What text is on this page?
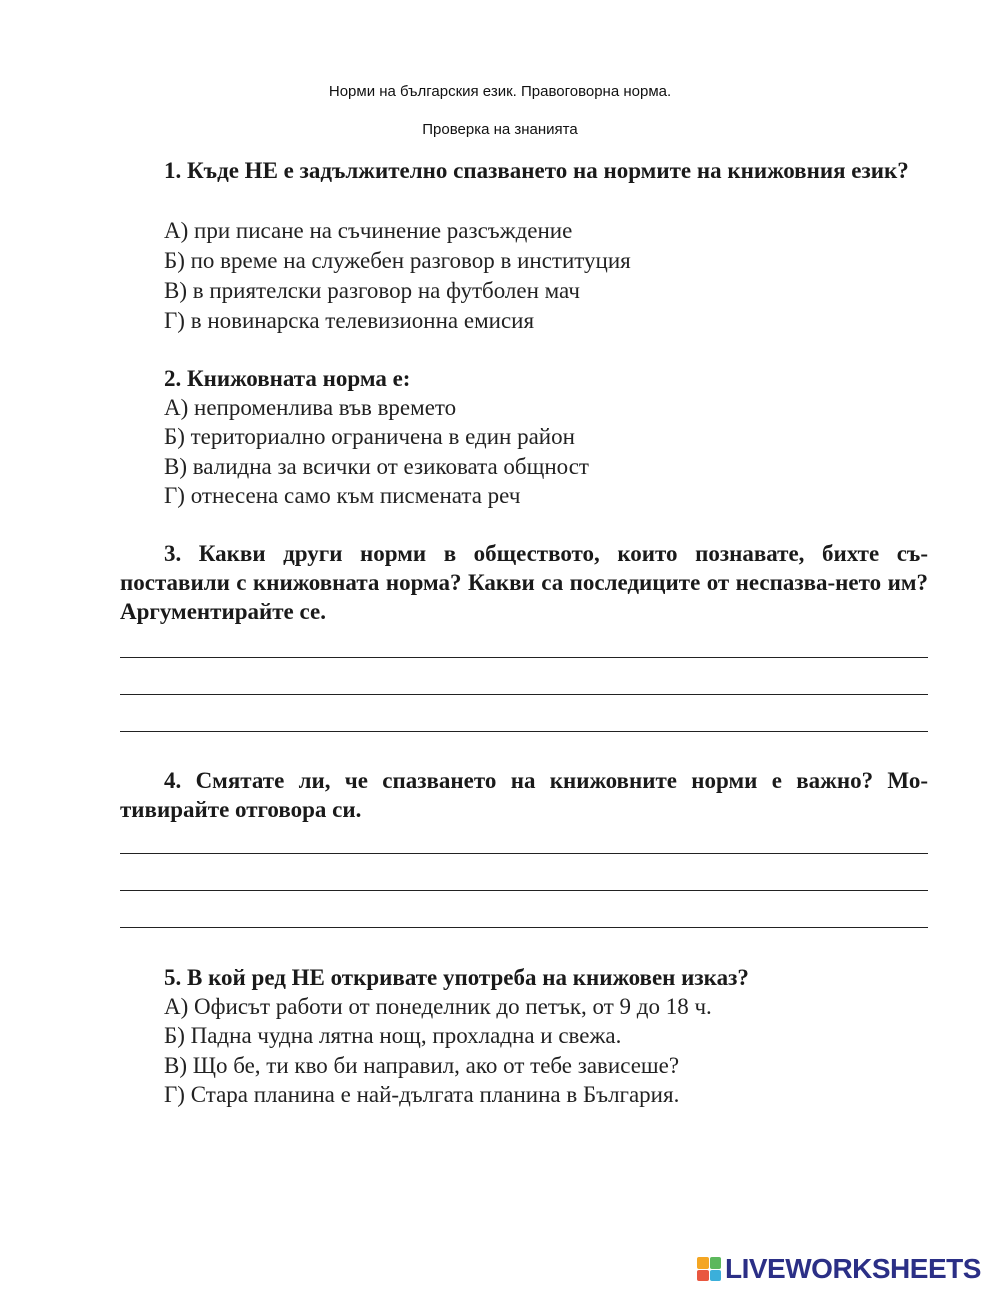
Норми на българския език. Правоговорна норма.
Проверка на знанията
1. Къде НЕ е задължително спазването на нормите на книжовния език?
А) при писане на съчинение разсъждение
Б) по време на служебен разговор в институция
В) в приятелски разговор на футболен мач
Г) в новинарска телевизионна емисия
2. Книжовната норма е:
А) непроменлива във времето
Б) териториално ограничена в един район
В) валидна за всички от езиковата общност
Г) отнесена само към писмената реч
3. Какви други норми в обществото, които познавате, бихте съ-поставили с книжовната норма? Какви са последиците от неспазва-нето им? Аргументирайте се.
4. Смятате ли, че спазването на книжовните норми е важно? Мо-тивирайте отговора си.
5. В кой ред НЕ откривате употреба на книжовен изказ?
А) Офисът работи от понеделник до петък, от 9 до 18 ч.
Б) Падна чудна лятна нощ, прохладна и свежа.
В) Що бе, ти кво би направил, ако от тебе зависеше?
Г) Стара планина е най-дългата планина в България.
LIVEWORKSHEETS
